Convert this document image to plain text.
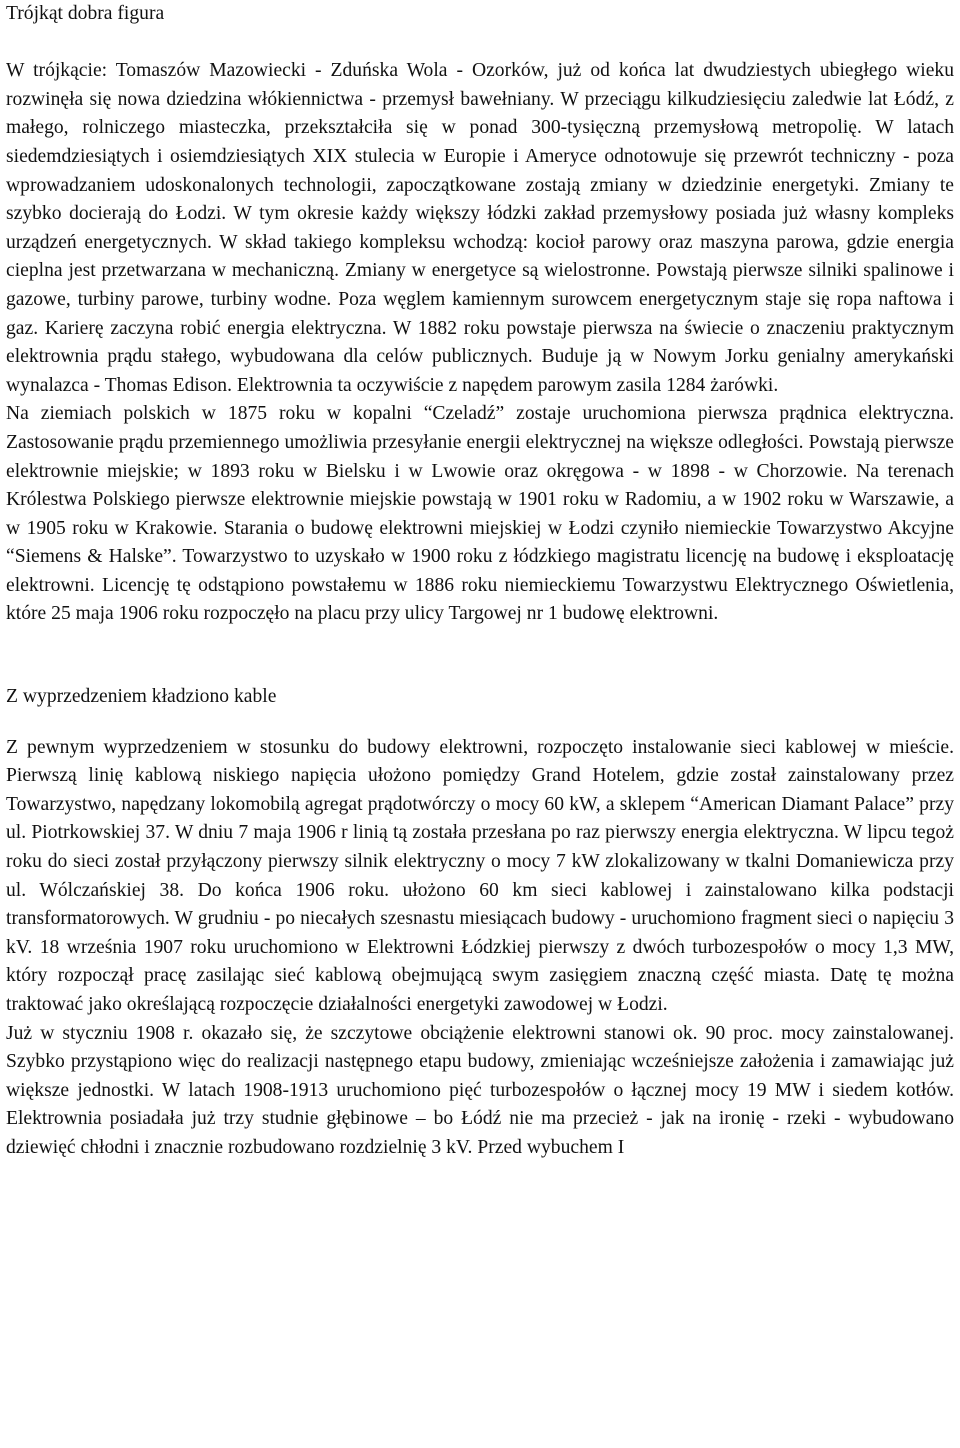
Trójkąt dobra figura

W trójkącie: Tomaszów Mazowiecki - Zduńska Wola - Ozorków, już od końca lat dwudziestych ubiegłego wieku rozwinęła się nowa dziedzina włókiennictwa - przemysł bawełniany. W przeciągu kilkudziesięciu zaledwie lat Łódź, z małego, rolniczego miasteczka, przekształciła się w ponad 300-tysięczną przemysłową metropolię. W latach siedemdziesiątych i osiemdziesiątych XIX stulecia w Europie i Ameryce odnotowuje się przewrót techniczny - poza wprowadzaniem udoskonalonych technologii, zapoczątkowane zostają zmiany w dziedzinie energetyki. Zmiany te szybko docierają do Łodzi. W tym okresie każdy większy łódzki zakład przemysłowy posiada już własny kompleks urządzeń energetycznych. W skład takiego kompleksu wchodzą: kocioł parowy oraz maszyna parowa, gdzie energia cieplna jest przetwarzana w mechaniczną. Zmiany w energetyce są wielostronne. Powstają pierwsze silniki spalinowe i gazowe, turbiny parowe, turbiny wodne. Poza węglem kamiennym surowcem energetycznym staje się ropa naftowa i gaz. Karierę zaczyna robić energia elektryczna. W 1882 roku powstaje pierwsza na świecie o znaczeniu praktycznym elektrownia prądu stałego, wybudowana dla celów publicznych. Buduje ją w Nowym Jorku genialny amerykański wynalazca - Thomas Edison. Elektrownia ta oczywiście z napędem parowym zasila 1284 żarówki.

Na ziemiach polskich w 1875 roku w kopalni “Czeladź” zostaje uruchomiona pierwsza prądnica elektryczna. Zastosowanie prądu przemiennego umożliwia przesyłanie energii elektrycznej na większe odległości. Powstają pierwsze elektrownie miejskie; w 1893 roku w Bielsku i w Lwowie oraz okręgowa - w 1898 - w Chorzowie. Na terenach Królestwa Polskiego pierwsze elektrownie miejskie powstają w 1901 roku w Radomiu, a w 1902 roku w Warszawie, a w 1905 roku w Krakowie. Starania o budowę elektrowni miejskiej w Łodzi czyniło niemieckie Towarzystwo Akcyjne “Siemens & Halske”. Towarzystwo to uzyskało w 1900 roku z łódzkiego magistratu licencję na budowę i eksploatację elektrowni. Licencję tę odstąpiono powstałemu w 1886 roku niemieckiemu Towarzystwu Elektrycznego Oświetlenia, które 25 maja 1906 roku rozpoczęło na placu przy ulicy Targowej nr 1 budowę elektrowni.

Z wyprzedzeniem kładziono kable

Z pewnym wyprzedzeniem w stosunku do budowy elektrowni, rozpoczęto instalowanie sieci kablowej w mieście. Pierwszą linię kablową niskiego napięcia ułożono pomiędzy Grand Hotelem, gdzie został zainstalowany przez Towarzystwo, napędzany lokomobilą agregat prądotwórczy o mocy 60 kW, a sklepem “American Diamant Palace” przy ul. Piotrkowskiej 37. W dniu 7 maja 1906 r linią tą została przesłana po raz pierwszy energia elektryczna. W lipcu tegoż roku do sieci został przyłączony pierwszy silnik elektryczny o mocy 7 kW zlokalizowany w tkalni Domaniewicza przy ul. Wólczańskiej 38. Do końca 1906 roku. ułożono 60 km sieci kablowej i zainstalowano kilka podstacji transformatorowych. W grudniu - po niecałych szesnastu miesiącach budowy - uruchomiono fragment sieci o napięciu 3 kV. 18 września 1907 roku uruchomiono w Elektrowni Łódzkiej pierwszy z dwóch turbozespołów o mocy 1,3 MW, który rozpoczął pracę zasilając sieć kablową obejmującą swym zasięgiem znaczną część miasta. Datę tę można traktować jako określającą rozpoczęcie działalności energetyki zawodowej w Łodzi.

Już w styczniu 1908 r. okazało się, że szczytowe obciążenie elektrowni stanowi ok. 90 proc. mocy zainstalowanej. Szybko przystąpiono więc do realizacji następnego etapu budowy, zmieniając wcześniejsze założenia i zamawiając już większe jednostki. W latach 1908-1913 uruchomiono pięć turbozespołów o łącznej mocy 19 MW i siedem kotłów. Elektrownia posiadała już trzy studnie głębinowe – bo Łódź nie ma przecież - jak na ironię - rzeki - wybudowano dziewięć chłodni i znacznie rozbudowano rozdzielnię 3 kV. Przed wybuchem I
